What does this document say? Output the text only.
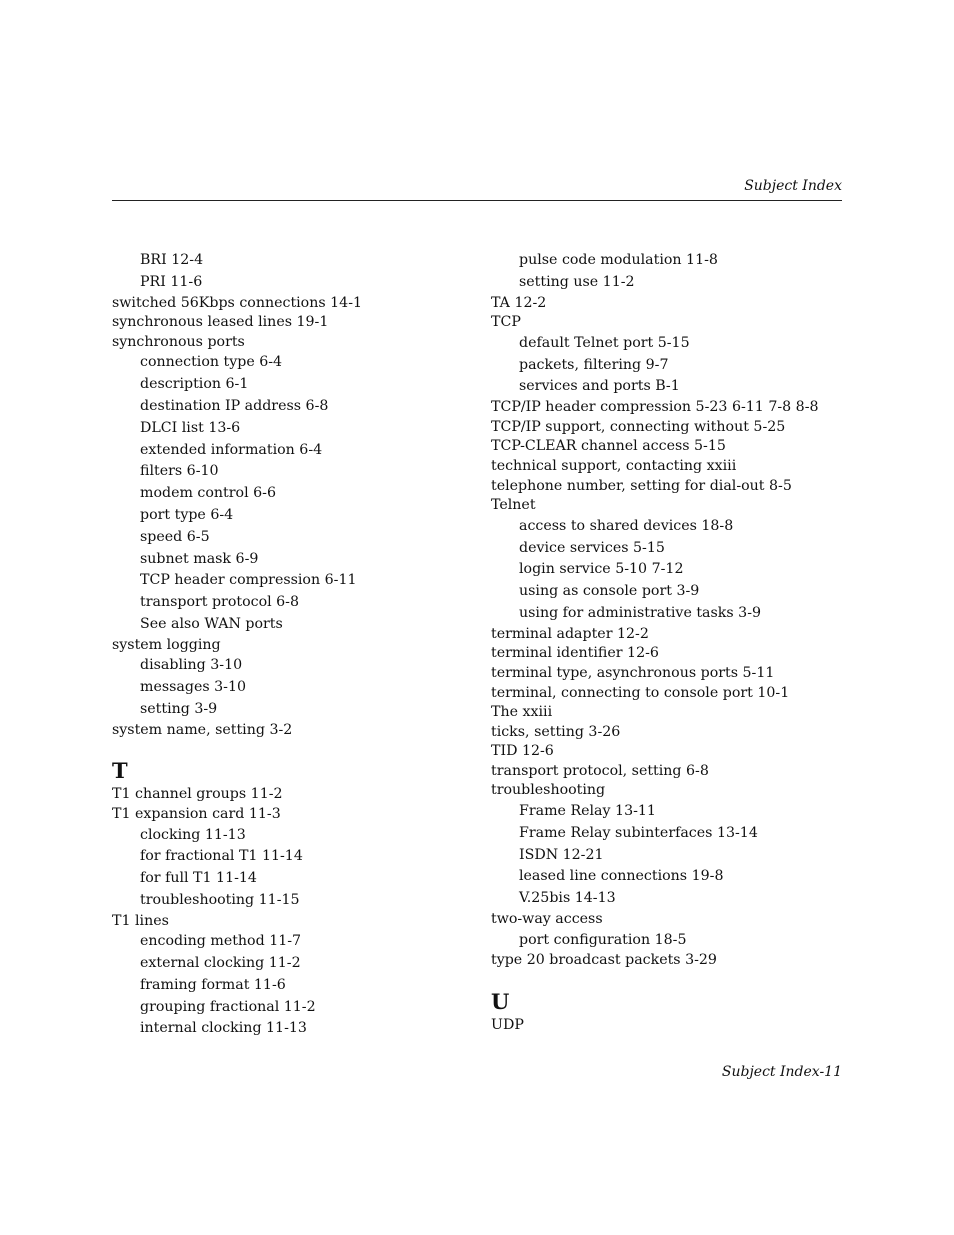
Subject Index
BRI 12-4
PRI 11-6
switched 56Kbps connections 14-1
synchronous leased lines 19-1
synchronous ports
connection type 6-4
description 6-1
destination IP address 6-8
DLCI list 13-6
extended information 6-4
filters 6-10
modem control 6-6
port type 6-4
speed 6-5
subnet mask 6-9
TCP header compression 6-11
transport protocol 6-8
See also WAN ports
system logging
disabling 3-10
messages 3-10
setting 3-9
system name, setting 3-2
T
T1 channel groups 11-2
T1 expansion card 11-3
clocking 11-13
for fractional T1 11-14
for full T1 11-14
troubleshooting 11-15
T1 lines
encoding method 11-7
external clocking 11-2
framing format 11-6
grouping fractional 11-2
internal clocking 11-13
pulse code modulation 11-8
setting use 11-2
TA 12-2
TCP
default Telnet port 5-15
packets, filtering 9-7
services and ports B-1
TCP/IP header compression 5-23 6-11 7-8 8-8
TCP/IP support, connecting without 5-25
TCP-CLEAR channel access 5-15
technical support, contacting xxiii
telephone number, setting for dial-out 8-5
Telnet
access to shared devices 18-8
device services 5-15
login service 5-10 7-12
using as console port 3-9
using for administrative tasks 3-9
terminal adapter 12-2
terminal identifier 12-6
terminal type, asynchronous ports 5-11
terminal, connecting to console port 10-1
The xxiii
ticks, setting 3-26
TID 12-6
transport protocol, setting 6-8
troubleshooting
Frame Relay 13-11
Frame Relay subinterfaces 13-14
ISDN 12-21
leased line connections 19-8
V.25bis 14-13
two-way access
port configuration 18-5
type 20 broadcast packets 3-29
U
UDP
Subject Index-11
